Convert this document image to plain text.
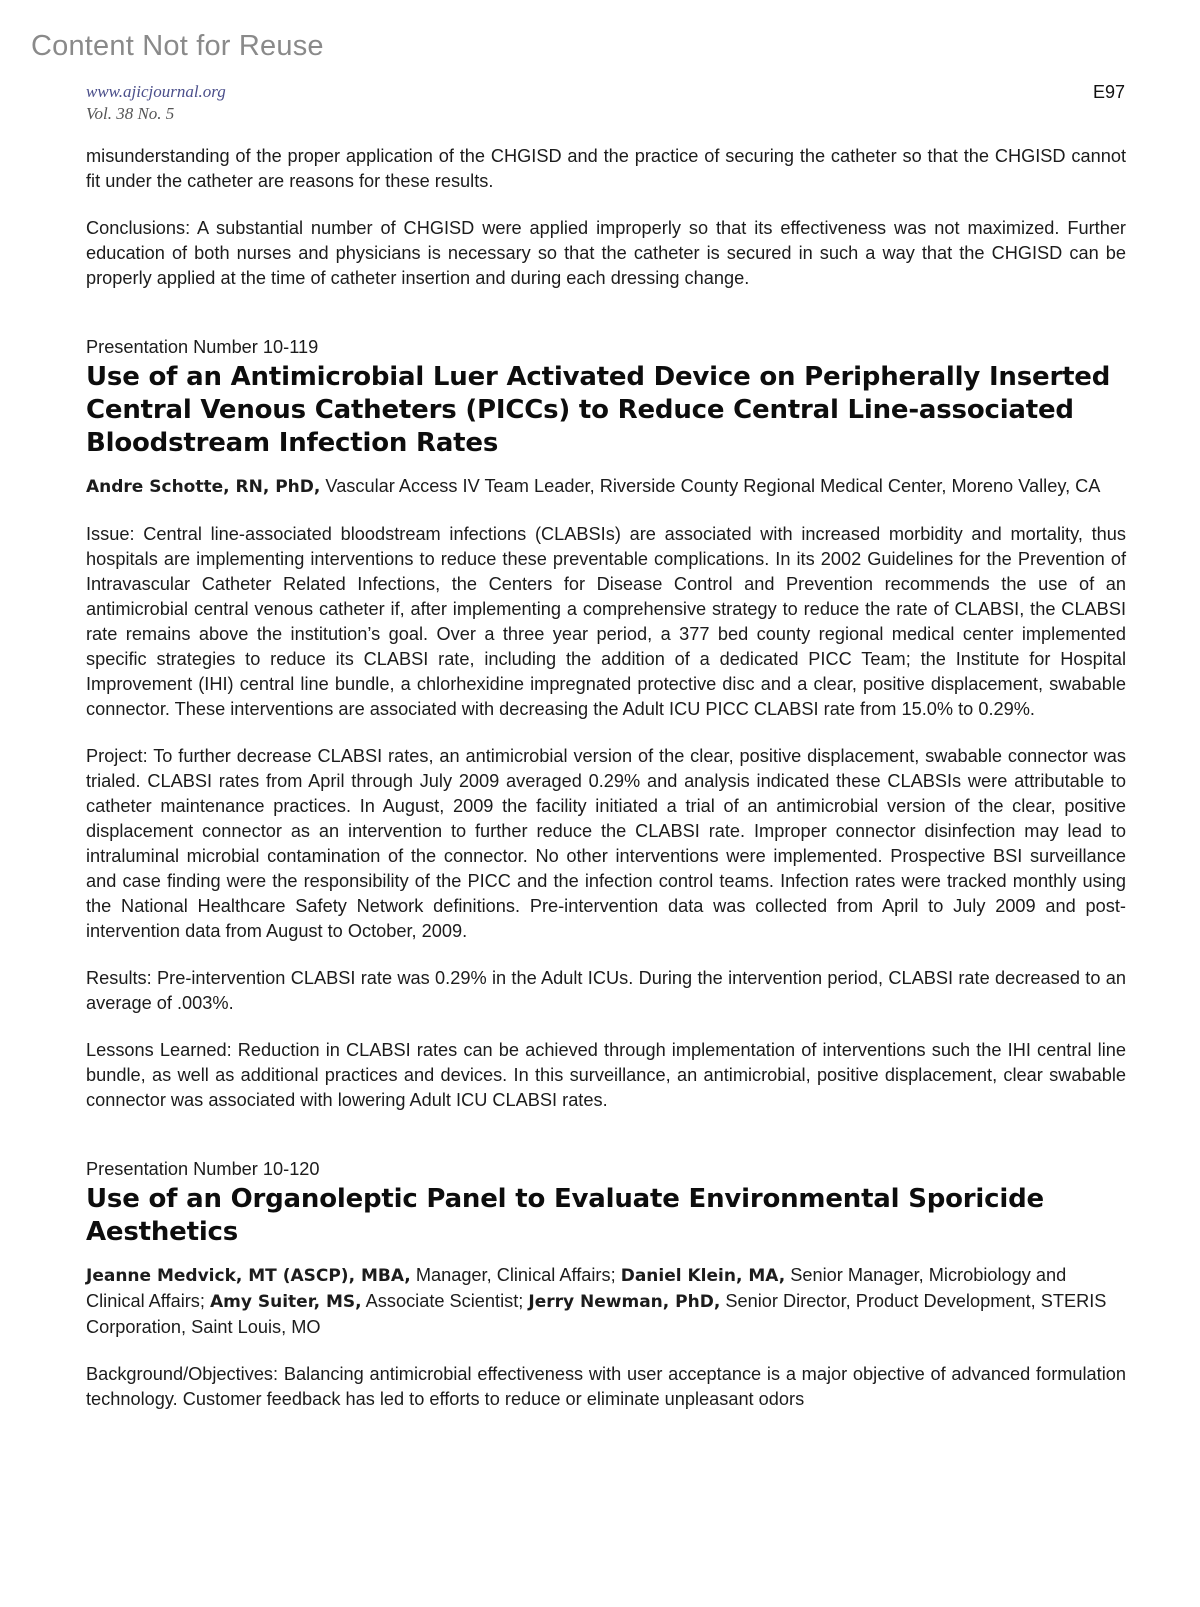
Content Not for Reuse
www.ajicjournal.org
Vol. 38 No. 5
E97

misunderstanding of the proper application of the CHGISD and the practice of securing the catheter so that the CHGISD cannot fit under the catheter are reasons for these results.

Conclusions: A substantial number of CHGISD were applied improperly so that its effectiveness was not maximized. Further education of both nurses and physicians is necessary so that the catheter is secured in such a way that the CHGISD can be properly applied at the time of catheter insertion and during each dressing change.

Presentation Number 10-119

Use of an Antimicrobial Luer Activated Device on Peripherally Inserted Central Venous Catheters (PICCs) to Reduce Central Line-associated Bloodstream Infection Rates

Andre Schotte, RN, PhD, Vascular Access IV Team Leader, Riverside County Regional Medical Center, Moreno Valley, CA

Issue: Central line-associated bloodstream infections (CLABSIs) are associated with increased morbidity and mortality, thus hospitals are implementing interventions to reduce these preventable complications. In its 2002 Guidelines for the Prevention of Intravascular Catheter Related Infections, the Centers for Disease Control and Prevention recommends the use of an antimicrobial central venous catheter if, after implementing a comprehensive strategy to reduce the rate of CLABSI, the CLABSI rate remains above the institution’s goal. Over a three year period, a 377 bed county regional medical center implemented specific strategies to reduce its CLABSI rate, including the addition of a dedicated PICC Team; the Institute for Hospital Improvement (IHI) central line bundle, a chlorhexidine impregnated protective disc and a clear, positive displacement, swabable connector. These interventions are associated with decreasing the Adult ICU PICC CLABSI rate from 15.0% to 0.29%.

Project: To further decrease CLABSI rates, an antimicrobial version of the clear, positive displacement, swabable connector was trialed. CLABSI rates from April through July 2009 averaged 0.29% and analysis indicated these CLABSIs were attributable to catheter maintenance practices. In August, 2009 the facility initiated a trial of an antimicrobial version of the clear, positive displacement connector as an intervention to further reduce the CLABSI rate. Improper connector disinfection may lead to intraluminal microbial contamination of the connector. No other interventions were implemented. Prospective BSI surveillance and case finding were the responsibility of the PICC and the infection control teams. Infection rates were tracked monthly using the National Healthcare Safety Network definitions. Pre-intervention data was collected from April to July 2009 and post-intervention data from August to October, 2009.

Results: Pre-intervention CLABSI rate was 0.29% in the Adult ICUs. During the intervention period, CLABSI rate decreased to an average of .003%.

Lessons Learned: Reduction in CLABSI rates can be achieved through implementation of interventions such the IHI central line bundle, as well as additional practices and devices. In this surveillance, an antimicrobial, positive displacement, clear swabable connector was associated with lowering Adult ICU CLABSI rates.

Presentation Number 10-120

Use of an Organoleptic Panel to Evaluate Environmental Sporicide Aesthetics

Jeanne Medvick, MT (ASCP), MBA, Manager, Clinical Affairs; Daniel Klein, MA, Senior Manager, Microbiology and Clinical Affairs; Amy Suiter, MS, Associate Scientist; Jerry Newman, PhD, Senior Director, Product Development, STERIS Corporation, Saint Louis, MO

Background/Objectives: Balancing antimicrobial effectiveness with user acceptance is a major objective of advanced formulation technology. Customer feedback has led to efforts to reduce or eliminate unpleasant odors
